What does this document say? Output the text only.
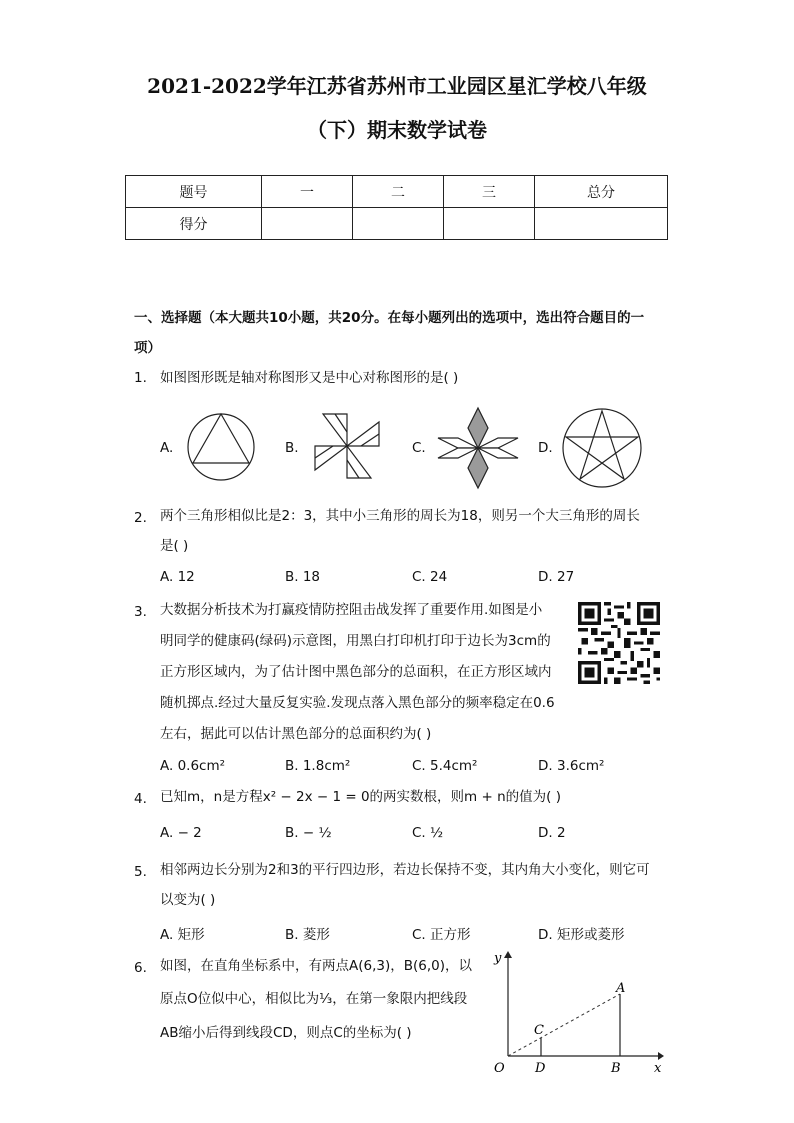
2021-2022学年江苏省苏州市工业园区星汇学校八年级
（下）期末数学试卷
题号	一	二	三	总分
得分				
一、选择题（本大题共10小题，共20分。在每小题列出的选项中，选出符合题目的一
项）
1. 如图图形既是轴对称图形又是中心对称图形的是( )
A.	B.	C.	D.
2. 两个三角形相似比是2：3，其中小三角形的周长为18，则另一个大三角形的周长
是( )
A. 12	B. 18	C. 24	D. 27
3. 大数据分析技术为打赢疫情防控阻击战发挥了重要作用.如图是小
明同学的健康码(绿码)示意图，用黑白打印机打印于边长为3cm的
正方形区域内，为了估计图中黑色部分的总面积，在正方形区域内
随机掷点.经过大量反复实验.发现点落入黑色部分的频率稳定在0.6
左右，据此可以估计黑色部分的总面积约为( )
A. 0.6cm²	B. 1.8cm²	C. 5.4cm²	D. 3.6cm²
4. 已知m，n是方程x² − 2x − 1 = 0的两实数根，则m + n的值为( )
A. − 2	B. − ½	C. ½	D. 2
5. 相邻两边长分别为2和3的平行四边形，若边长保持不变，其内角大小变化，则它可
以变为( )
A. 矩形	B. 菱形	C. 正方形	D. 矩形或菱形
6. 如图，在直角坐标系中，有两点A(6,3)，B(6,0)，以
原点O位似中心，相似比为⅓，在第一象限内把线段
AB缩小后得到线段CD，则点C的坐标为( )
y
x
O
A
B
C
D
